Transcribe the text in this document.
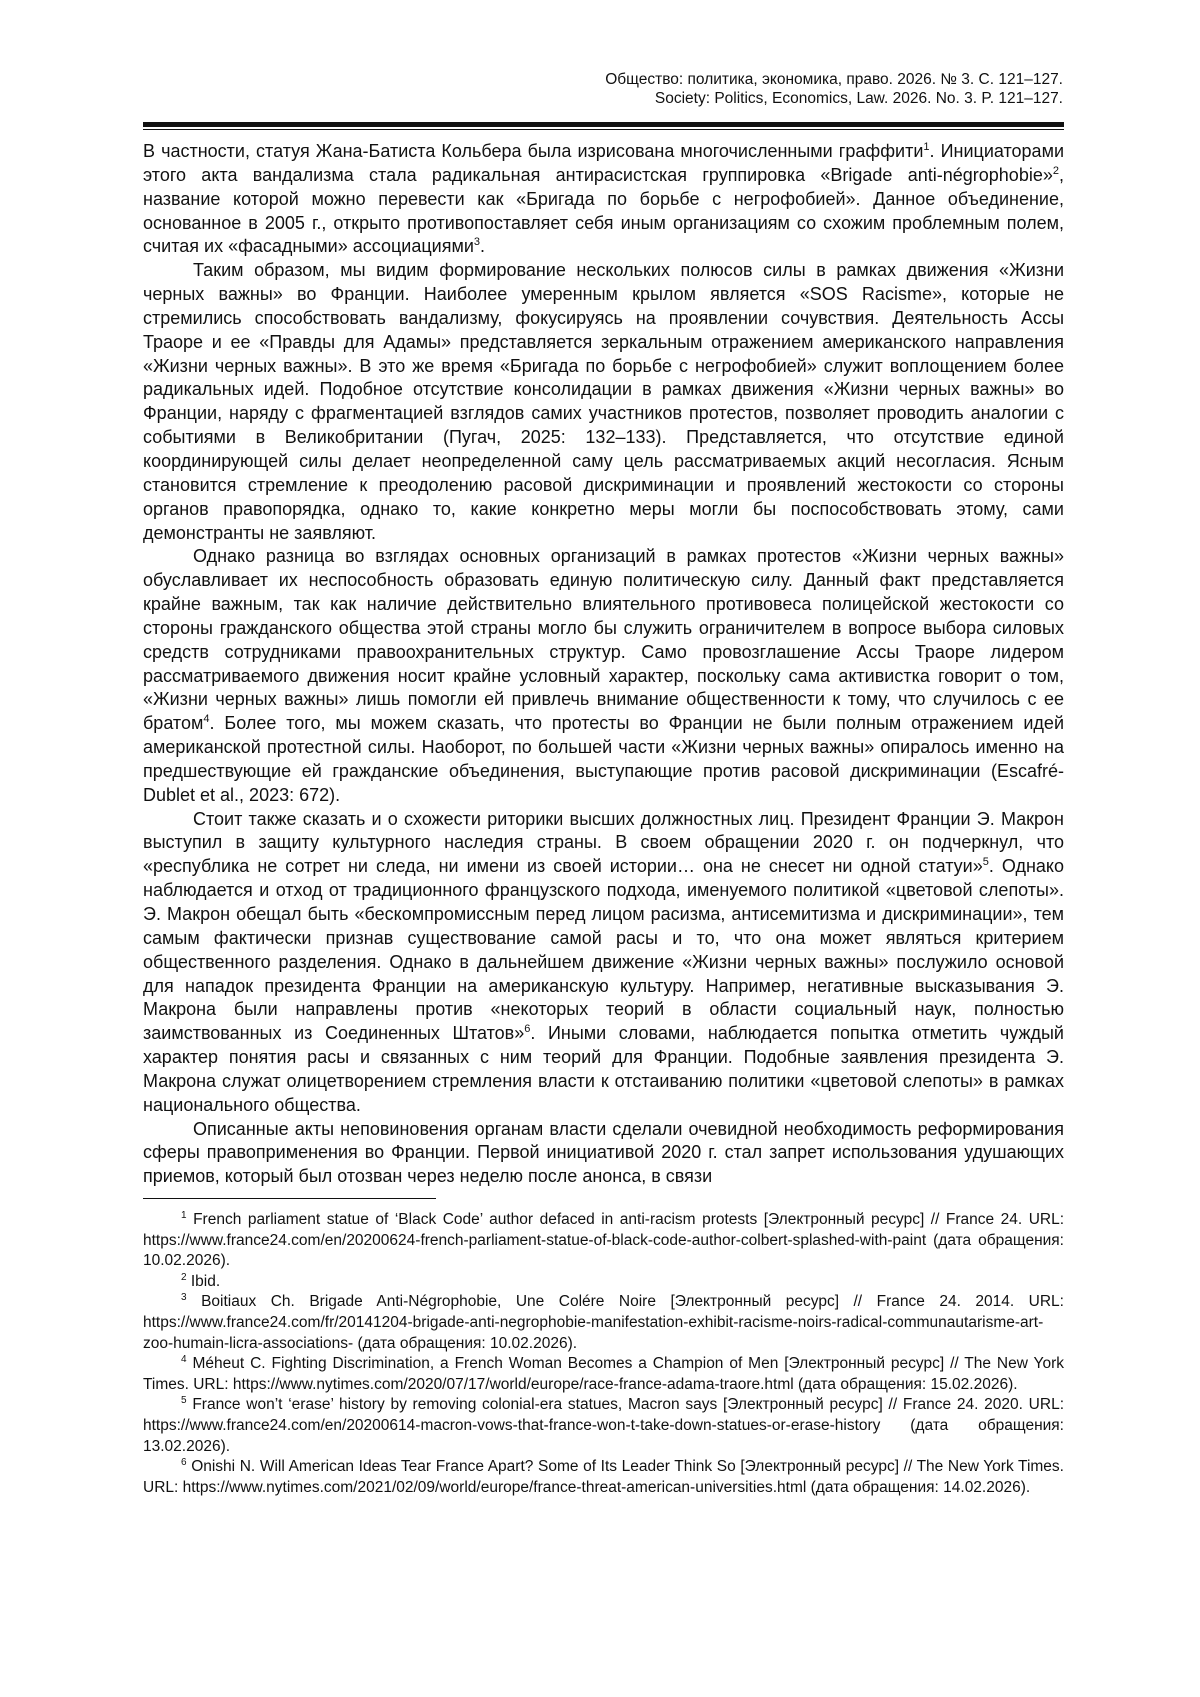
Общество: политика, экономика, право. 2026. № 3. С. 121–127.
Society: Politics, Economics, Law. 2026. No. 3. P. 121–127.

В частности, статуя Жана-Батиста Кольбера была изрисована многочисленными граффити$^1$. Инициаторами этого акта вандализма стала радикальная антирасистская группировка «Brigade anti-négrophobie»$^2$, название которой можно перевести как «Бригада по борьбе с негрофобией». Данное объединение, основанное в 2005 г., открыто противопоставляет себя иным организациям со схожим проблемным полем, считая их «фасадными» ассоциациями$^3$.

Таким образом, мы видим формирование нескольких полюсов силы в рамках движения «Жизни черных важны» во Франции. Наиболее умеренным крылом является «SOS Racisme», которые не стремились способствовать вандализму, фокусируясь на проявлении сочувствия. Деятельность Ассы Траоре и ее «Правды для Адамы» представляется зеркальным отражением американского направления «Жизни черных важны». В это же время «Бригада по борьбе с негрофобией» служит воплощением более радикальных идей. Подобное отсутствие консолидации в рамках движения «Жизни черных важны» во Франции, наряду с фрагментацией взглядов самих участников протестов, позволяет проводить аналогии с событиями в Великобритании (Пугач, 2025: 132–133). Представляется, что отсутствие единой координирующей силы делает неопределенной саму цель рассматриваемых акций несогласия. Ясным становится стремление к преодолению расовой дискриминации и проявлений жестокости со стороны органов правопорядка, однако то, какие конкретно меры могли бы поспособствовать этому, сами демонстранты не заявляют.

Однако разница во взглядах основных организаций в рамках протестов «Жизни черных важны» обуславливает их неспособность образовать единую политическую силу. Данный факт представляется крайне важным, так как наличие действительно влиятельного противовеса полицейской жестокости со стороны гражданского общества этой страны могло бы служить ограничителем в вопросе выбора силовых средств сотрудниками правоохранительных структур. Само провозглашение Ассы Траоре лидером рассматриваемого движения носит крайне условный характер, поскольку сама активистка говорит о том, «Жизни черных важны» лишь помогли ей привлечь внимание общественности к тому, что случилось с ее братом$^4$. Более того, мы можем сказать, что протесты во Франции не были полным отражением идей американской протестной силы. Наоборот, по большей части «Жизни черных важны» опиралось именно на предшествующие ей гражданские объединения, выступающие против расовой дискриминации (Escafré-Dublet et al., 2023: 672).

Стоит также сказать и о схожести риторики высших должностных лиц. Президент Франции Э. Макрон выступил в защиту культурного наследия страны. В своем обращении 2020 г. он подчеркнул, что «республика не сотрет ни следа, ни имени из своей истории… она не снесет ни одной статуи»$^5$. Однако наблюдается и отход от традиционного французского подхода, именуемого политикой «цветовой слепоты». Э. Макрон обещал быть «бескомпромиссным перед лицом расизма, антисемитизма и дискриминации», тем самым фактически признав существование самой расы и то, что она может являться критерием общественного разделения. Однако в дальнейшем движение «Жизни черных важны» послужило основой для нападок президента Франции на американскую культуру. Например, негативные высказывания Э. Макрона были направлены против «некоторых теорий в области социальный наук, полностью заимствованных из Соединенных Штатов»$^6$. Иными словами, наблюдается попытка отметить чуждый характер понятия расы и связанных с ним теорий для Франции. Подобные заявления президента Э. Макрона служат олицетворением стремления власти к отстаиванию политики «цветовой слепоты» в рамках национального общества.

Описанные акты неповиновения органам власти сделали очевидной необходимость реформирования сферы правоприменения во Франции. Первой инициативой 2020 г. стал запрет использования удушающих приемов, который был отозван через неделю после анонса, в связи

$^1$ French parliament statue of ‘Black Code’ author defaced in anti-racism protests [Электронный ресурс] // France 24. URL: https://www.france24.com/en/20200624-french-parliament-statue-of-black-code-author-colbert-splashed-with-paint (дата обращения: 10.02.2026).

$^2$ Ibid.

$^3$ Boitiaux Ch. Brigade Anti-Négrophobie, Une Colére Noire [Электронный ресурс] // France 24. 2014. URL: https://www.france24.com/fr/20141204-brigade-anti-negrophobie-manifestation-exhibit-racisme-noirs-radical-communautarisme-art-zoo-humain-licra-associations- (дата обращения: 10.02.2026).

$^4$ Méheut C. Fighting Discrimination, a French Woman Becomes a Champion of Men [Электронный ресурс] // The New York Times. URL: https://www.nytimes.com/2020/07/17/world/europe/race-france-adama-traore.html (дата обращения: 15.02.2026).

$^5$ France won’t ‘erase’ history by removing colonial-era statues, Macron says [Электронный ресурс] // France 24. 2020. URL: https://www.france24.com/en/20200614-macron-vows-that-france-won-t-take-down-statues-or-erase-history (дата обращения: 13.02.2026).

$^6$ Onishi N. Will American Ideas Tear France Apart? Some of Its Leader Think So [Электронный ресурс] // The New York Times. URL: https://www.nytimes.com/2021/02/09/world/europe/france-threat-american-universities.html (дата обращения: 14.02.2026).
